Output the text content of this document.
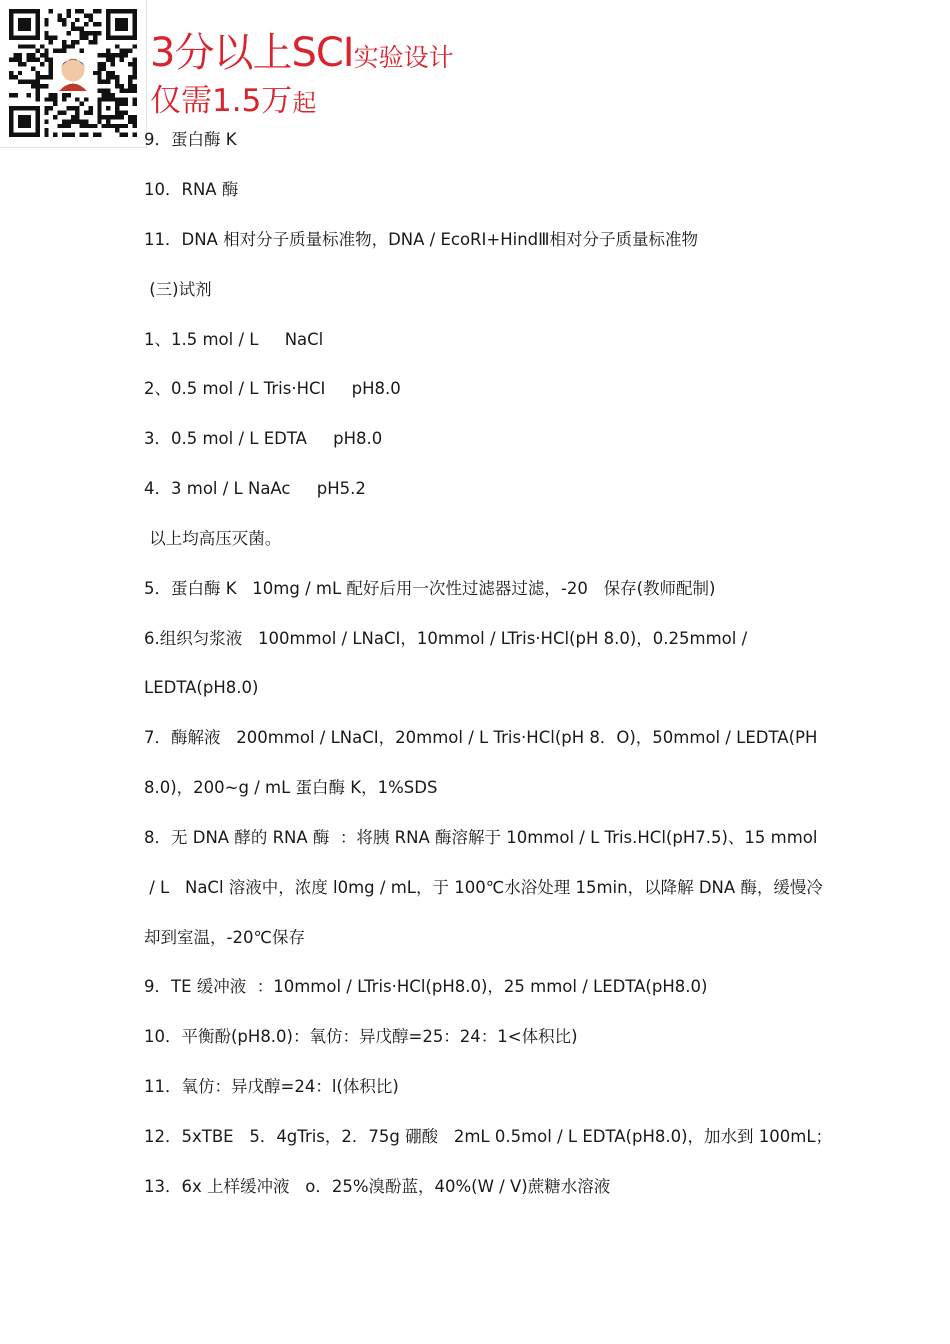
3分以上SCI实验设计
仅需1.5万起
9．蛋白酶 K
10．RNA 酶
11．DNA 相对分子质量标准物，DNA / EcoRI+HindⅢ相对分子质量标准物
(三)试剂
1、1.5 mol / L     NaCl
2、0.5 mol / L Tris·HCI     pH8.0
3．0.5 mol / L EDTA     pH8.0
4．3 mol / L NaAc     pH5.2
以上均高压灭菌。
5．蛋白酶 K   10mg / mL 配好后用一次性过滤器过滤，-20   保存(教师配制)
6.组织匀浆液   100mmol / LNaCI，10mmol / LTris·HCl(pH 8.0)，0.25mmol /
LEDTA(pH8.0)
7．酶解液   200mmol / LNaCI，20mmol / L Tris·HCl(pH 8．O)，50mmol / LEDTA(PH
8.0)，200~g / mL 蛋白酶 K，1%SDS
8．无 DNA 酵的 RNA 酶  ：将胰 RNA 酶溶解于 10mmol / L Tris.HCl(pH7.5)、15 mmol
/ L   NaCl 溶液中，浓度 l0mg / mL，于 100℃水浴处理 15min，以降解 DNA 酶，缓慢冷
却到室温，-20℃保存
9．TE 缓冲液  ：10mmol / LTris·HCl(pH8.0)，25 mmol / LEDTA(pH8.0)
10．平衡酚(pH8.0)：氧仿：异戊醇=25：24：1<体积比)
11．氧仿：异戊醇=24：l(体积比)
12．5xTBE   5．4gTris，2．75g 硼酸   2mL 0.5mol / L EDTA(pH8.0)，加水到 100mL；
13．6x 上样缓冲液   o．25%溴酚蓝，40%(W / V)蔗糖水溶液
